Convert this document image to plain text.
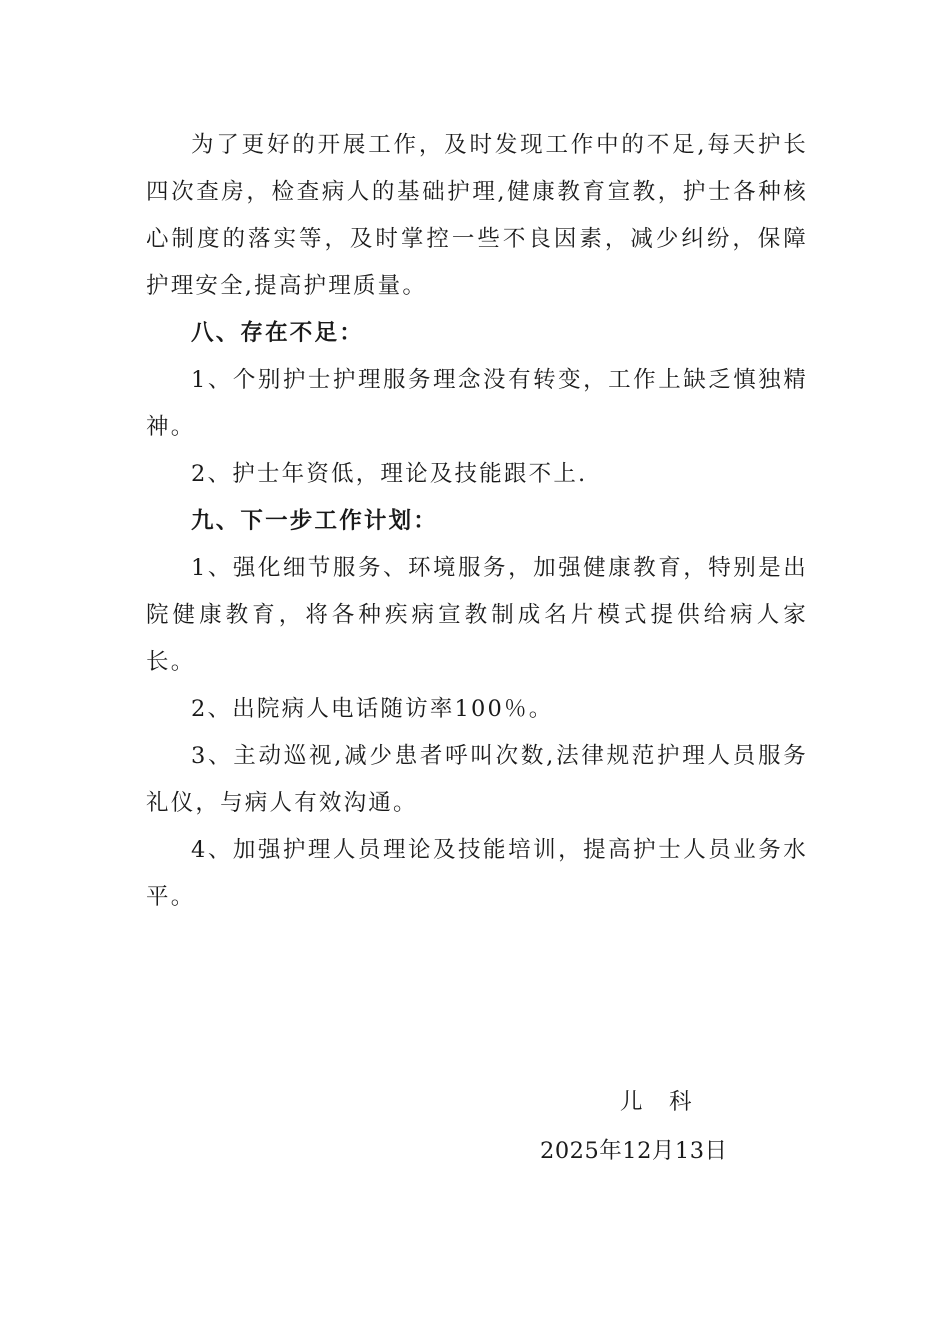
为了更好的开展工作，及时发现工作中的不足,每天护长四次查房，检查病人的基础护理,健康教育宣教，护士各种核心制度的落实等，及时掌控一些不良因素，减少纠纷，保障护理安全,提高护理质量。

八、存在不足：

1、个别护士护理服务理念没有转变，工作上缺乏慎独精神。

2、护士年资低，理论及技能跟不上.

九、下一步工作计划：

1、强化细节服务、环境服务，加强健康教育，特别是出院健康教育，将各种疾病宣教制成名片模式提供给病人家长。

2、出院病人电话随访率100％。

3、主动巡视,减少患者呼叫次数,法律规范护理人员服务礼仪，与病人有效沟通。

4、加强护理人员理论及技能培训，提高护士人员业务水平。

儿　科
2025年12月13日
